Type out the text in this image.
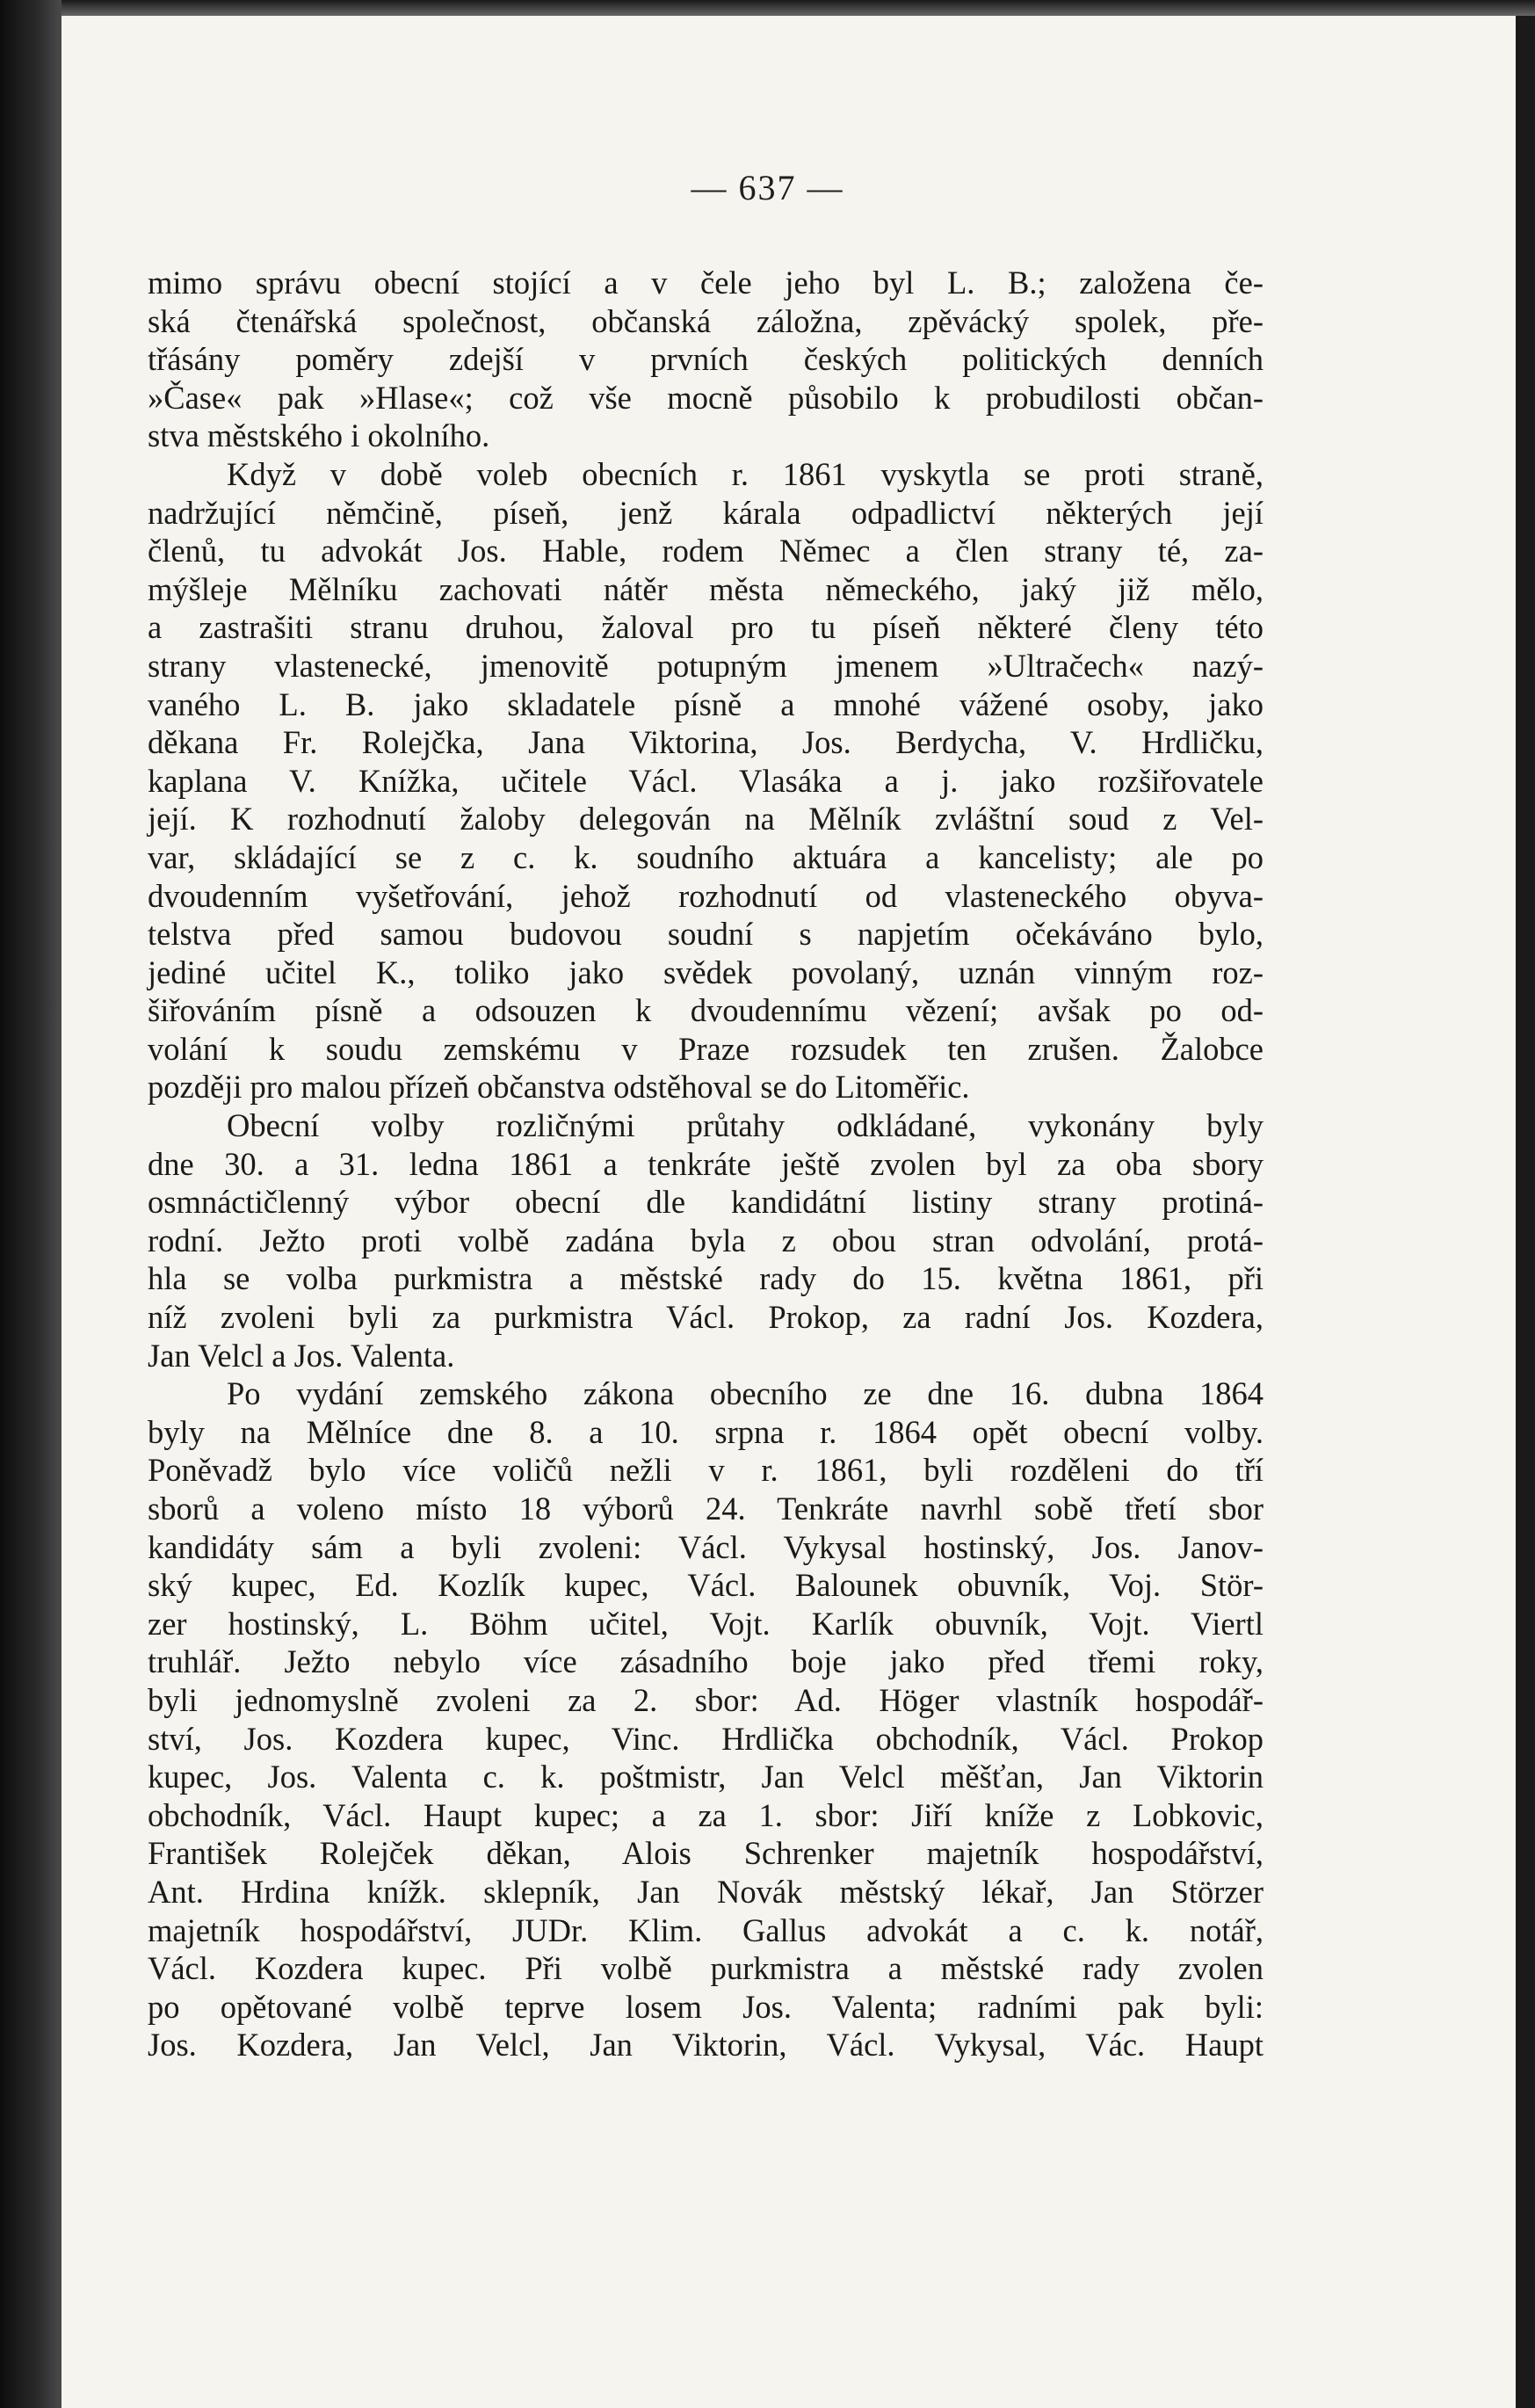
— 637 —
mimo správu obecní stojící a v čele jeho byl L. B.; založena če-
ská čtenářská společnost, občanská záložna, zpěvácký spolek, pře-
třásány poměry zdejší v prvních českých politických denních
»Čase« pak »Hlase«; což vše mocně působilo k probudilosti občan-
stva městského i okolního.
Když v době voleb obecních r. 1861 vyskytla se proti straně,
nadržující němčině, píseň, jenž kárala odpadlictví některých její
členů, tu advokát Jos. Hable, rodem Němec a člen strany té, za-
mýšleje Mělníku zachovati nátěr města německého, jaký již mělo,
a zastrašiti stranu druhou, žaloval pro tu píseň některé členy této
strany vlastenecké, jmenovitě potupným jmenem »Ultračech« nazý-
vaného L. B. jako skladatele písně a mnohé vážené osoby, jako
děkana Fr. Rolejčka, Jana Viktorina, Jos. Berdycha, V. Hrdličku,
kaplana V. Knížka, učitele Václ. Vlasáka a j. jako rozšiřovatele
její. K rozhodnutí žaloby delegován na Mělník zvláštní soud z Vel-
var, skládající se z c. k. soudního aktuára a kancelisty; ale po
dvoudenním vyšetřování, jehož rozhodnutí od vlasteneckého obyva-
telstva před samou budovou soudní s napjetím očekáváno bylo,
jediné učitel K., toliko jako svědek povolaný, uznán vinným roz-
šiřováním písně a odsouzen k dvoudennímu vězení; avšak po od-
volání k soudu zemskému v Praze rozsudek ten zrušen. Žalobce
později pro malou přízeň občanstva odstěhoval se do Litoměřic.
Obecní volby rozličnými průtahy odkládané, vykonány byly
dne 30. a 31. ledna 1861 a tenkráte ještě zvolen byl za oba sbory
osmnáctičlenný výbor obecní dle kandidátní listiny strany protiná-
rodní. Ježto proti volbě zadána byla z obou stran odvolání, protá-
hla se volba purkmistra a městské rady do 15. května 1861, při
níž zvoleni byli za purkmistra Václ. Prokop, za radní Jos. Kozdera,
Jan Velcl a Jos. Valenta.
Po vydání zemského zákona obecního ze dne 16. dubna 1864
byly na Mělníce dne 8. a 10. srpna r. 1864 opět obecní volby.
Poněvadž bylo více voličů nežli v r. 1861, byli rozděleni do tří
sborů a voleno místo 18 výborů 24. Tenkráte navrhl sobě třetí sbor
kandidáty sám a byli zvoleni: Václ. Vykysal hostinský, Jos. Janov-
ský kupec, Ed. Kozlík kupec, Václ. Balounek obuvník, Voj. Stör-
zer hostinský, L. Böhm učitel, Vojt. Karlík obuvník, Vojt. Viertl
truhlář. Ježto nebylo více zásadního boje jako před třemi roky,
byli jednomyslně zvoleni za 2. sbor: Ad. Höger vlastník hospodář-
ství, Jos. Kozdera kupec, Vinc. Hrdlička obchodník, Václ. Prokop
kupec, Jos. Valenta c. k. poštmistr, Jan Velcl měšťan, Jan Viktorin
obchodník, Václ. Haupt kupec; a za 1. sbor: Jiří kníže z Lobkovic,
František Rolejček děkan, Alois Schrenker majetník hospodářství,
Ant. Hrdina knížk. sklepník, Jan Novák městský lékař, Jan Störzer
majetník hospodářství, JUDr. Klim. Gallus advokát a c. k. notář,
Václ. Kozdera kupec. Při volbě purkmistra a městské rady zvolen
po opětované volbě teprve losem Jos. Valenta; radními pak byli:
Jos. Kozdera, Jan Velcl, Jan Viktorin, Václ. Vykysal, Vác. Haupt
